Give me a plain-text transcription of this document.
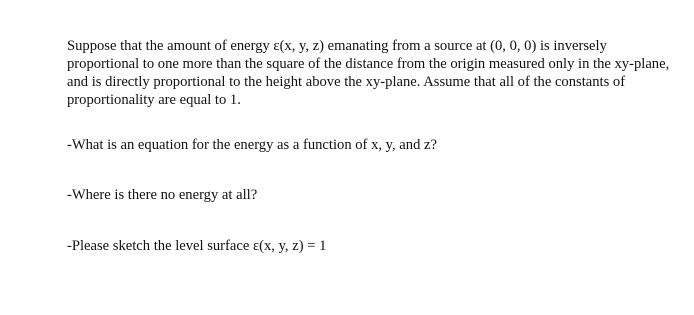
Suppose that the amount of energy ε(x, y, z) emanating from a source at (0, 0, 0) is inversely proportional to one more than the square of the distance from the origin measured only in the xy-plane, and is directly proportional to the height above the xy-plane. Assume that all of the constants of proportionality are equal to 1.

-What is an equation for the energy as a function of x, y, and z?

-Where is there no energy at all?

-Please sketch the level surface ε(x, y, z) = 1
